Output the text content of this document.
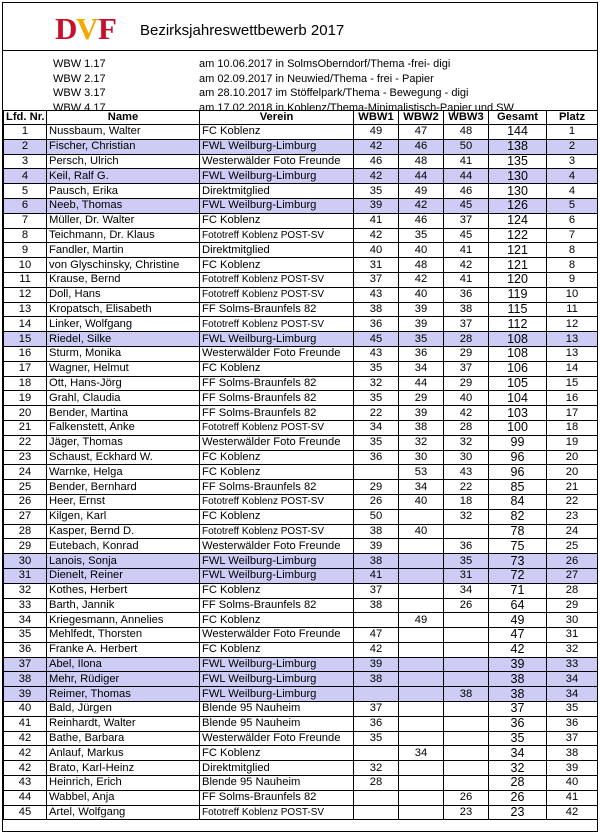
D
V F Bezirksjahreswettbewerb 2017
WBW 1.17	am 10.06.2017 in SolmsOberndorf/Thema -frei- digi
WBW 2.17	am 02.09.2017 in Neuwied/Thema - frei - Papier
WBW 3.17	am 28.10.2017 im Stöffelpark/Thema - Bewegung - digi
WBW 4.17	am 17.02.2018 in Koblenz/Thema-Minimalistisch-Papier und SW
Lfd. Nr.	Name	Verein	WBW1	WBW2	WBW3	Gesamt	Platz
1	Nussbaum, Walter	FC Koblenz	49	47	48	144	1
2	Fischer, Christian	FWL Weilburg-Limburg	42	46	50	138	2
3	Persch, Ulrich	Westerwälder Foto Freunde	46	48	41	135	3
4	Keil, Ralf G.	FWL Weilburg-Limburg	42	44	44	130	4
5	Pausch, Erika	Direktmitglied	35	49	46	130	4
6	Neeb, Thomas	FWL Weilburg-Limburg	39	42	45	126	5
7	Müller, Dr. Walter	FC Koblenz	41	46	37	124	6
8	Teichmann, Dr. Klaus	Fototreff Koblenz POST-SV	42	35	45	122	7
9	Fandler, Martin	Direktmitglied	40	40	41	121	8
10	von Glyschinsky, Christine	FC Koblenz	31	48	42	121	8
11	Krause, Bernd	Fototreff Koblenz POST-SV	37	42	41	120	9
12	Doll, Hans	Fototreff Koblenz POST-SV	43	40	36	119	10
13	Kropatsch, Elisabeth	FF Solms-Braunfels 82	38	39	38	115	11
14	Linker, Wolfgang	Fototreff Koblenz POST-SV	36	39	37	112	12
15	Riedel, Silke	FWL Weilburg-Limburg	45	35	28	108	13
16	Sturm, Monika	Westerwälder Foto Freunde	43	36	29	108	13
17	Wagner, Helmut	FC Koblenz	35	34	37	106	14
18	Ott, Hans-Jörg	FF Solms-Braunfels 82	32	44	29	105	15
19	Grahl, Claudia	FF Solms-Braunfels 82	35	29	40	104	16
20	Bender, Martina	FF Solms-Braunfels 82	22	39	42	103	17
21	Falkenstett, Anke	Fototreff Koblenz POST-SV	34	38	28	100	18
22	Jäger, Thomas	Westerwälder Foto Freunde	35	32	32	99	19
23	Schaust, Eckhard W.	FC Koblenz	36	30	30	96	20
24	Warnke, Helga	FC Koblenz		53	43	96	20
25	Bender, Bernhard	FF Solms-Braunfels 82	29	34	22	85	21
26	Heer, Ernst	Fototreff Koblenz POST-SV	26	40	18	84	22
27	Kilgen, Karl	FC Koblenz	50		32	82	23
28	Kasper, Bernd D.	Fototreff Koblenz POST-SV	38	40		78	24
29	Eutebach, Konrad	Westerwälder Foto Freunde	39		36	75	25
30	Lanois, Sonja	FWL Weilburg-Limburg	38		35	73	26
31	Dienelt, Reiner	FWL Weilburg-Limburg	41		31	72	27
32	Kothes, Herbert	FC Koblenz	37		34	71	28
33	Barth, Jannik	FF Solms-Braunfels 82	38		26	64	29
34	Kriegesmann, Annelies	FC Koblenz		49		49	30
35	Mehlfedt, Thorsten	Westerwälder Foto Freunde	47			47	31
36	Franke A. Herbert	FC Koblenz	42			42	32
37	Abel, Ilona	FWL Weilburg-Limburg	39			39	33
38	Mehr, Rüdiger	FWL Weilburg-Limburg	38			38	34
39	Reimer, Thomas	FWL Weilburg-Limburg			38	38	34
40	Bald, Jürgen	Blende 95 Nauheim	37			37	35
41	Reinhardt, Walter	Blende 95 Nauheim	36			36	36
42	Bathe, Barbara	Westerwälder Foto Freunde	35			35	37
42	Anlauf, Markus	FC Koblenz		34		34	38
42	Brato, Karl-Heinz	Direktmitglied	32			32	39
43	Heinrich, Erich	Blende 95 Nauheim	28			28	40
44	Wabbel, Anja	FF Solms-Braunfels 82			26	26	41
45	Artel, Wolfgang	Fototreff Koblenz POST-SV			23	23	42
